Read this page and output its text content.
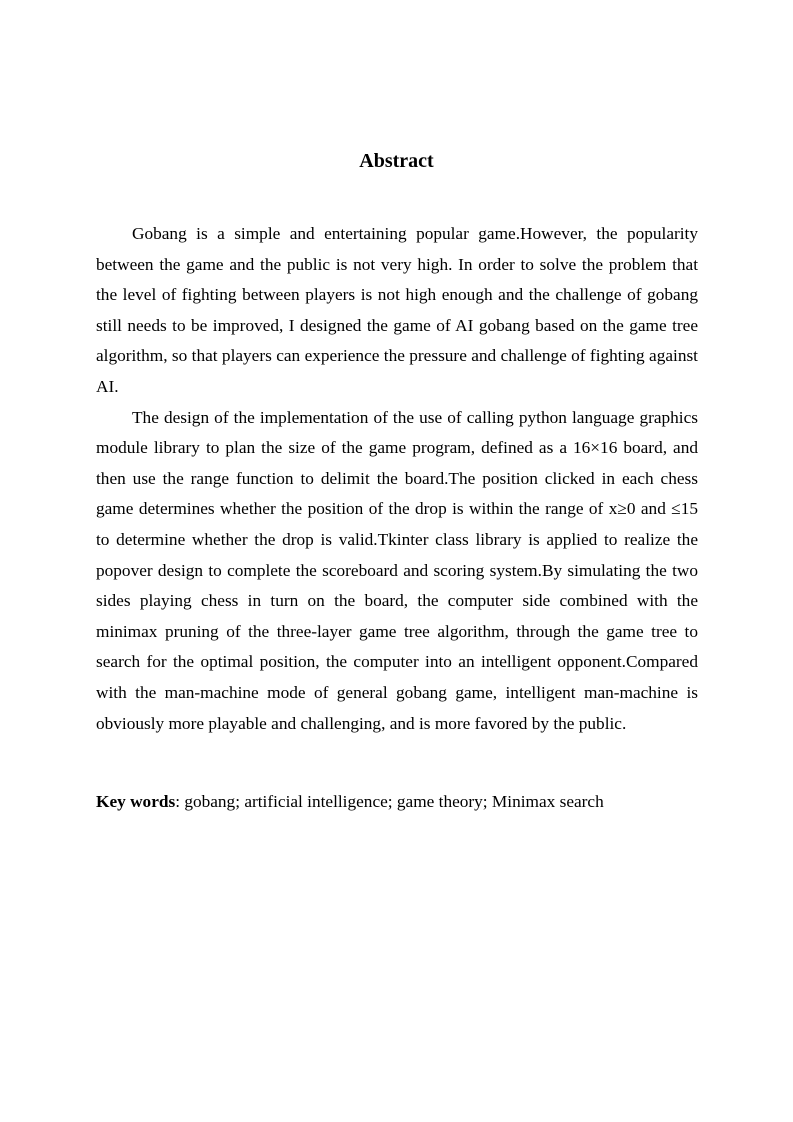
Abstract

Gobang is a simple and entertaining popular game.However, the popularity between the game and the public is not very high. In order to solve the problem that the level of fighting between players is not high enough and the challenge of gobang still needs to be improved, I designed the game of AI gobang based on the game tree algorithm, so that players can experience the pressure and challenge of fighting against AI.

The design of the implementation of the use of calling python language graphics module library to plan the size of the game program, defined as a 16×16 board, and then use the range function to delimit the board.The position clicked in each chess game determines whether the position of the drop is within the range of x≥0 and ≤15 to determine whether the drop is valid.Tkinter class library is applied to realize the popover design to complete the scoreboard and scoring system.By simulating the two sides playing chess in turn on the board, the computer side combined with the minimax pruning of the three-layer game tree algorithm, through the game tree to search for the optimal position, the computer into an intelligent opponent.Compared with the man-machine mode of general gobang game, intelligent man-machine is obviously more playable and challenging, and is more favored by the public.

Key words: gobang; artificial intelligence; game theory; Minimax search
